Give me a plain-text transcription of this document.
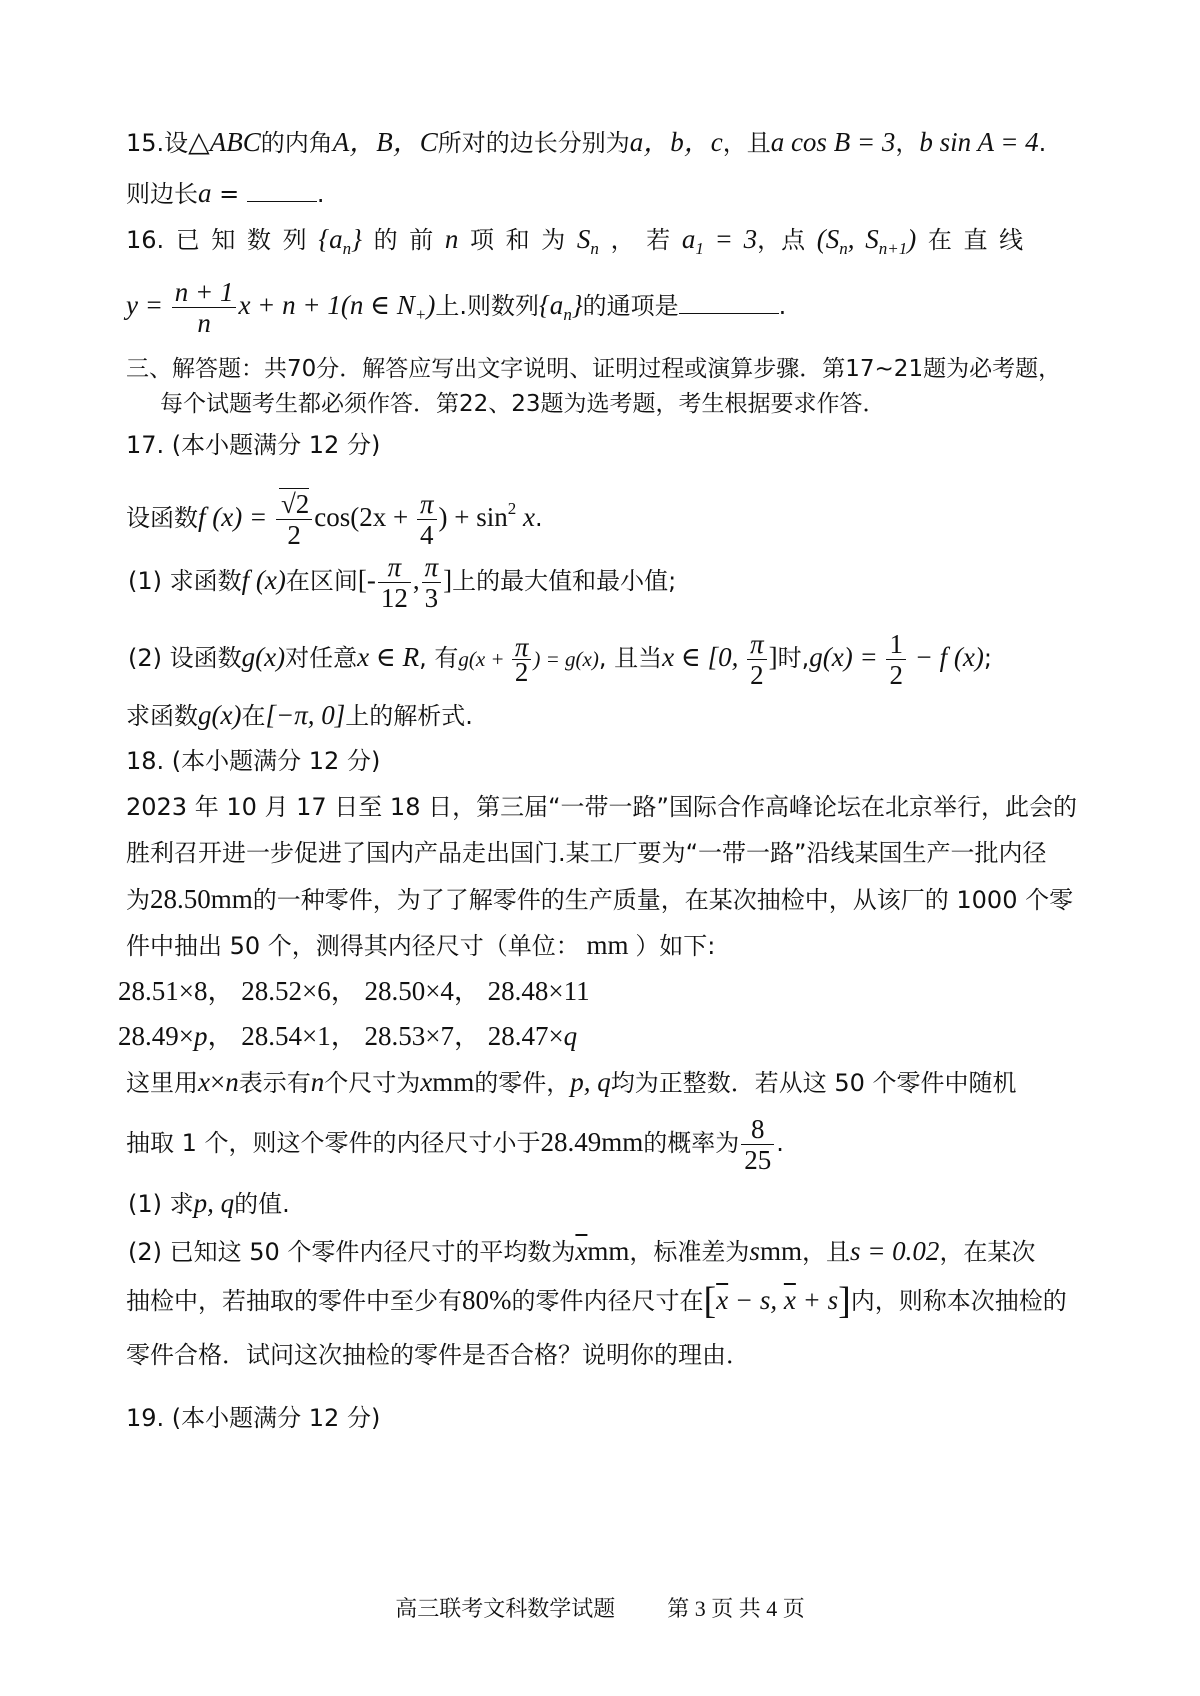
15.设△ABC的内角A，B，C所对的边长分别为a，b，c，且a cos B = 3，b sin A = 4.
则边长a =	.
16. 已 知 数 列 $\{a_n\}$ 的 前 n 项 和 为 $S_n$ ， 若 $a_1 = 3$，点 ($S_n$, $S_{n+1}$) 在 直 线
$y = \frac{n + 1}{n}$ x + n + 1(n ∈ $N_+$)上.则数列$\{a_n\}$的通项是	.
三、解答题：共70分．解答应写出文字说明、证明过程或演算步骤．第17~21题为必考题，
每个试题考生都必须作答．第22、23题为选考题，考生根据要求作答．
17. (本小题满分 12 分)
设函数f $(x) = \frac{√2}{2} \cos(2x + \frac{\pi}{4}$ ) + $\sin^2 x$.
(1) 求函数f (x)在区间[- $\frac{\pi}{12}$ , $\frac{\pi}{3}$ ]上的最大值和最小值;
(2) 设函数g(x)对任意x ∈ R, 有$g(x + \frac{\pi}{2}$ ) = g(x), 且当x ∈ [0, $\frac{\pi}{2}$ ]时$,g(x) = \frac{1}{2} - f$ (x);
求函数g(x)在[−π, 0]上的解析式.
18. (本小题满分 12 分)
2023 年 10 月 17 日至 18 日，第三届“一带一路”国际合作高峰论坛在北京举行，此会的
胜利召开进一步促进了国内产品走出国门.某工厂要为“一带一路”沿线某国生产一批内径
为28.50mm的一种零件，为了了解零件的生产质量，在某次抽检中，从该厂的 1000 个零
件中抽出 50 个，测得其内径尺寸（单位： mm ）如下:
28.51×8， 28.52×6， 28.50×4， 28.48×11
28.49×p， 28.54×1， 28.53×7， 28.47×q
这里用x×n表示有n个尺寸为xmm的零件，p, q均为正整数．若从这 50 个零件中随机
抽取 1 个，则这个零件的内径尺寸小于28.49mm的概率为 $\frac{8}{25}$ .
(1) 求p, q的值.
(2) 已知这 50 个零件内径尺寸的平均数为$\overline{x}mm$，标准差为smm，且s = 0.02，在某次
抽检中，若抽取的零件中至少有80%的零件内径尺寸在[$\overline{x} - s$, $\overline{x} + s$]内，则称本次抽检的
零件合格．试问这次抽检的零件是否合格？说明你的理由．
19. (本小题满分 12 分)
高三联考文科数学试题 第 3 页 共 4 页
